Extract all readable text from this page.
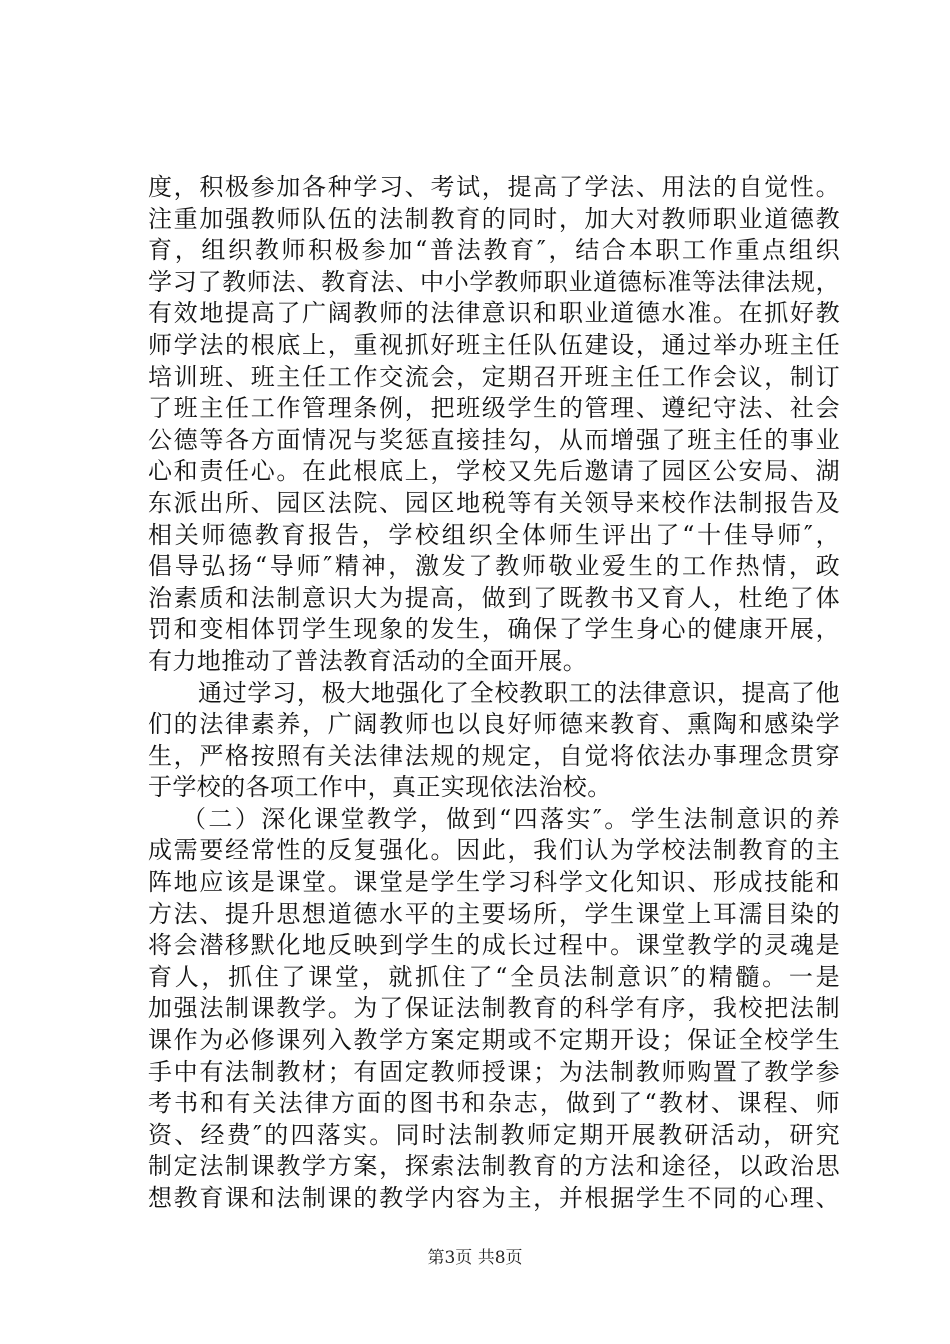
度，积极参加各种学习、考试，提高了学法、用法的自觉性。
注重加强教师队伍的法制教育的同时，加大对教师职业道德教
育，组织教师积极参加“普法教育″，结合本职工作重点组织
学习了教师法、教育法、中小学教师职业道德标准等法律法规，
有效地提高了广阔教师的法律意识和职业道德水准。在抓好教
师学法的根底上，重视抓好班主任队伍建设，通过举办班主任
培训班、班主任工作交流会，定期召开班主任工作会议，制订
了班主任工作管理条例，把班级学生的管理、遵纪守法、社会
公德等各方面情况与奖惩直接挂勾，从而增强了班主任的事业
心和责任心。在此根底上，学校又先后邀请了园区公安局、湖
东派出所、园区法院、园区地税等有关领导来校作法制报告及
相关师德教育报告，学校组织全体师生评出了“十佳导师″，
倡导弘扬“导师″精神，激发了教师敬业爱生的工作热情，政
治素质和法制意识大为提高，做到了既教书又育人，杜绝了体
罚和变相体罚学生现象的发生，确保了学生身心的健康开展，
有力地推动了普法教育活动的全面开展。
通过学习，极大地强化了全校教职工的法律意识，提高了他
们的法律素养，广阔教师也以良好师德来教育、熏陶和感染学
生，严格按照有关法律法规的规定，自觉将依法办事理念贯穿
于学校的各项工作中，真正实现依法治校。
（二）深化课堂教学，做到“四落实″。学生法制意识的养
成需要经常性的反复强化。因此，我们认为学校法制教育的主
阵地应该是课堂。课堂是学生学习科学文化知识、形成技能和
方法、提升思想道德水平的主要场所，学生课堂上耳濡目染的
将会潜移默化地反映到学生的成长过程中。课堂教学的灵魂是
育人，抓住了课堂，就抓住了“全员法制意识″的精髓。一是
加强法制课教学。为了保证法制教育的科学有序，我校把法制
课作为必修课列入教学方案定期或不定期开设；保证全校学生
手中有法制教材；有固定教师授课；为法制教师购置了教学参
考书和有关法律方面的图书和杂志，做到了“教材、课程、师
资、经费″的四落实。同时法制教师定期开展教研活动，研究
制定法制课教学方案，探索法制教育的方法和途径，以政治思
想教育课和法制课的教学内容为主，并根据学生不同的心理、
第3页 共8页
